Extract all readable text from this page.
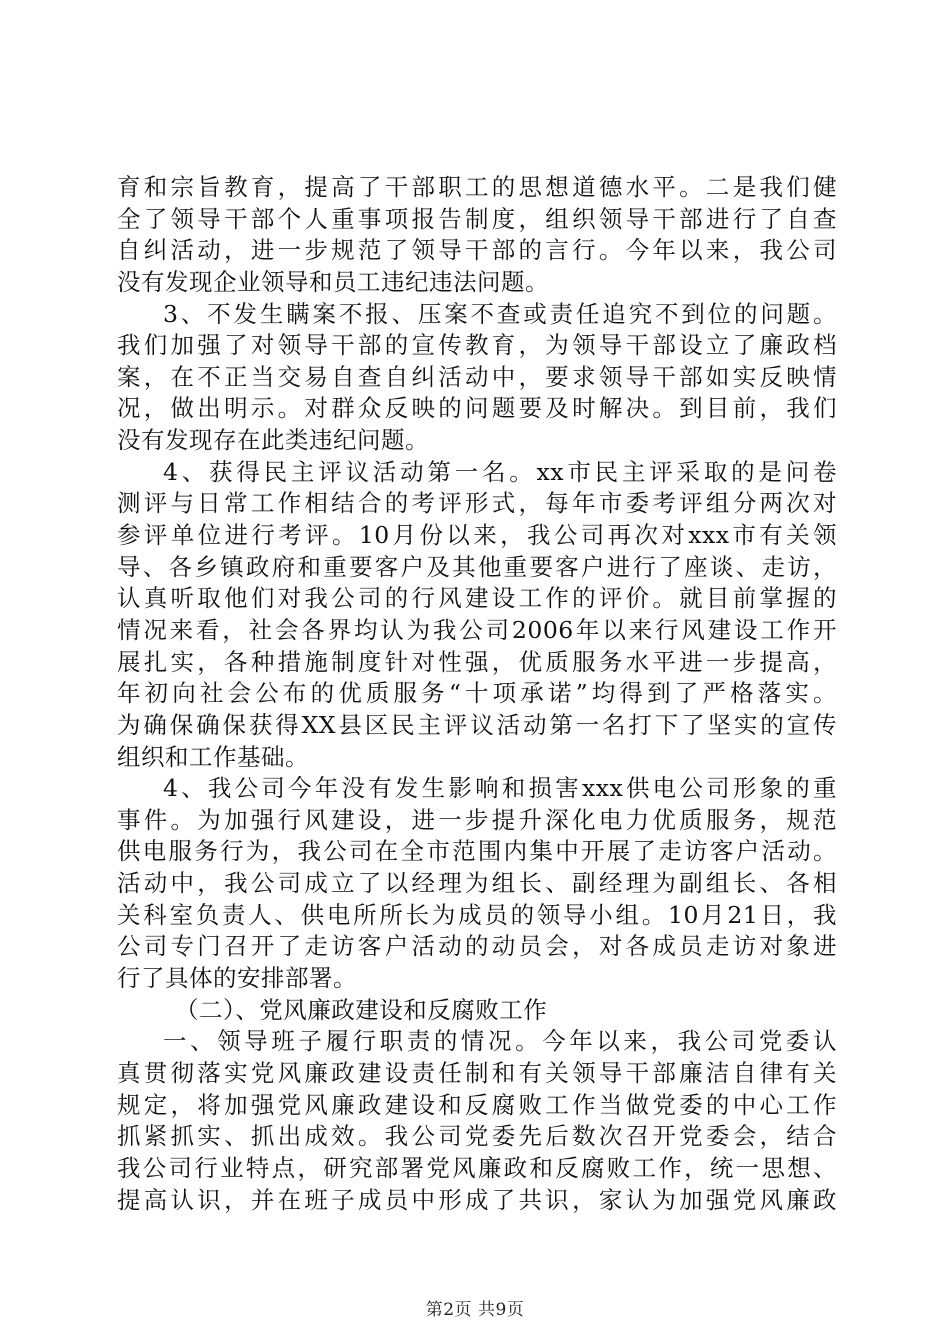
育和宗旨教育，提高了干部职工的思想道德水平。二是我们健
全了领导干部个人重事项报告制度，组织领导干部进行了自查
自纠活动，进一步规范了领导干部的言行。今年以来，我公司
没有发现企业领导和员工违纪违法问题。
3、不发生瞒案不报、压案不查或责任追究不到位的问题。
我们加强了对领导干部的宣传教育，为领导干部设立了廉政档
案，在不正当交易自查自纠活动中，要求领导干部如实反映情
况，做出明示。对群众反映的问题要及时解决。到目前，我们
没有发现存在此类违纪问题。
4、获得民主评议活动第一名。xx市民主评采取的是问卷
测评与日常工作相结合的考评形式，每年市委考评组分两次对
参评单位进行考评。10月份以来，我公司再次对xxx市有关领
导、各乡镇政府和重要客户及其他重要客户进行了座谈、走访，
认真听取他们对我公司的行风建设工作的评价。就目前掌握的
情况来看，社会各界均认为我公司2006年以来行风建设工作开
展扎实，各种措施制度针对性强，优质服务水平进一步提高，
年初向社会公布的优质服务“十项承诺”均得到了严格落实。
为确保确保获得XX县区民主评议活动第一名打下了坚实的宣传
组织和工作基础。
4、我公司今年没有发生影响和损害xxx供电公司形象的重
事件。为加强行风建设，进一步提升深化电力优质服务，规范
供电服务行为，我公司在全市范围内集中开展了走访客户活动。
活动中，我公司成立了以经理为组长、副经理为副组长、各相
关科室负责人、供电所所长为成员的领导小组。10月21日，我
公司专门召开了走访客户活动的动员会，对各成员走访对象进
行了具体的安排部署。
（二）、党风廉政建设和反腐败工作
一、领导班子履行职责的情况。今年以来，我公司党委认
真贯彻落实党风廉政建设责任制和有关领导干部廉洁自律有关
规定，将加强党风廉政建设和反腐败工作当做党委的中心工作
抓紧抓实、抓出成效。我公司党委先后数次召开党委会，结合
我公司行业特点，研究部署党风廉政和反腐败工作，统一思想、
提高认识，并在班子成员中形成了共识，家认为加强党风廉政
第2页 共9页
